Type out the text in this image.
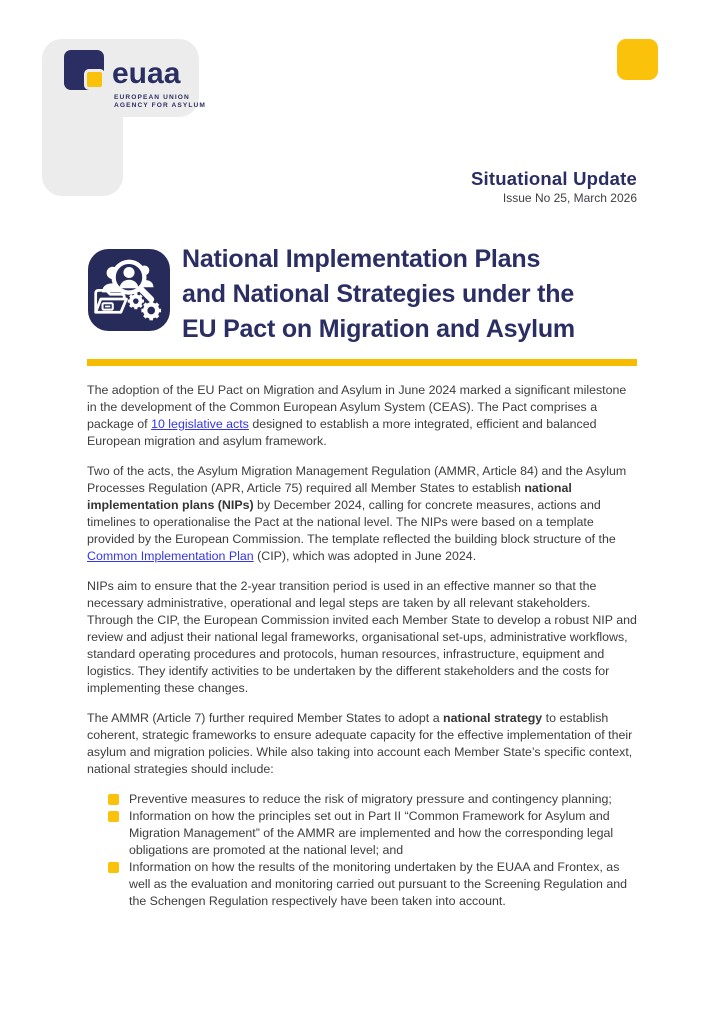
euaa
EUROPEAN UNION
AGENCY FOR ASYLUM
Situational Update
Issue No 25, March 2026
National Implementation Plans
and National Strategies under the
EU Pact on Migration and Asylum

The adoption of the EU Pact on Migration and Asylum in June 2024 marked a significant milestone in the development of the Common European Asylum System (CEAS). The Pact comprises a package of 10 legislative acts designed to establish a more integrated, efficient and balanced European migration and asylum framework.

Two of the acts, the Asylum Migration Management Regulation (AMMR, Article 84) and the Asylum Processes Regulation (APR, Article 75) required all Member States to establish national implementation plans (NIPs) by December 2024, calling for concrete measures, actions and timelines to operationalise the Pact at the national level. The NIPs were based on a template provided by the European Commission. The template reflected the building block structure of the Common Implementation Plan (CIP), which was adopted in June 2024.

NIPs aim to ensure that the 2-year transition period is used in an effective manner so that the necessary administrative, operational and legal steps are taken by all relevant stakeholders. Through the CIP, the European Commission invited each Member State to develop a robust NIP and review and adjust their national legal frameworks, organisational set-ups, administrative workflows, standard operating procedures and protocols, human resources, infrastructure, equipment and logistics. They identify activities to be undertaken by the different stakeholders and the costs for implementing these changes.

The AMMR (Article 7) further required Member States to adopt a national strategy to establish coherent, strategic frameworks to ensure adequate capacity for the effective implementation of their asylum and migration policies. While also taking into account each Member State’s specific context, national strategies should include:

Preventive measures to reduce the risk of migratory pressure and contingency planning;
Information on how the principles set out in Part II “Common Framework for Asylum and Migration Management” of the AMMR are implemented and how the corresponding legal obligations are promoted at the national level; and
Information on how the results of the monitoring undertaken by the EUAA and Frontex, as well as the evaluation and monitoring carried out pursuant to the Screening Regulation and the Schengen Regulation respectively have been taken into account.
